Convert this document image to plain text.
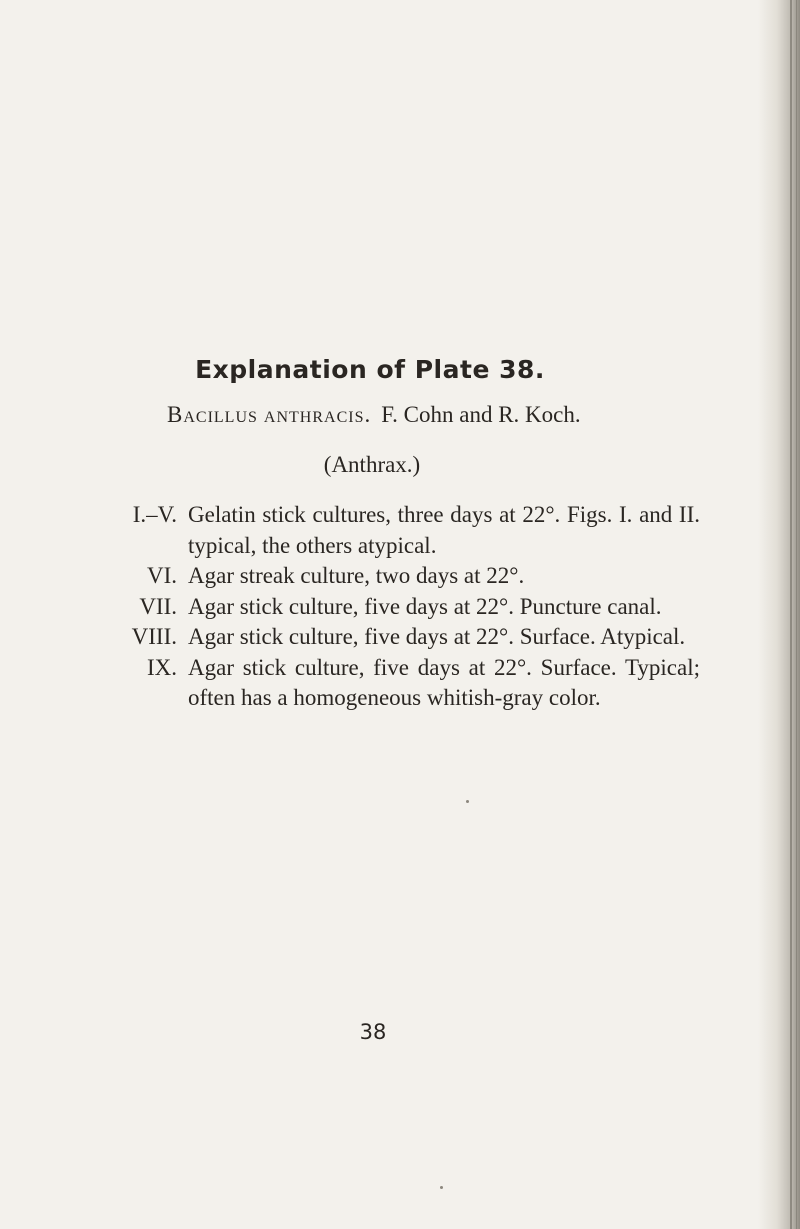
Explanation of Plate 38.

Bacillus anthracis. F. Cohn and R. Koch.

(Anthrax.)

I.–V. Gelatin stick cultures, three days at 22°. Figs. I. and II. typical, the others atypical.
VI. Agar streak culture, two days at 22°.
VII. Agar stick culture, five days at 22°. Puncture canal.
VIII. Agar stick culture, five days at 22°. Surface. Atypical.
IX. Agar stick culture, five days at 22°. Surface. Typical; often has a homogeneous whitish-gray color.

38
